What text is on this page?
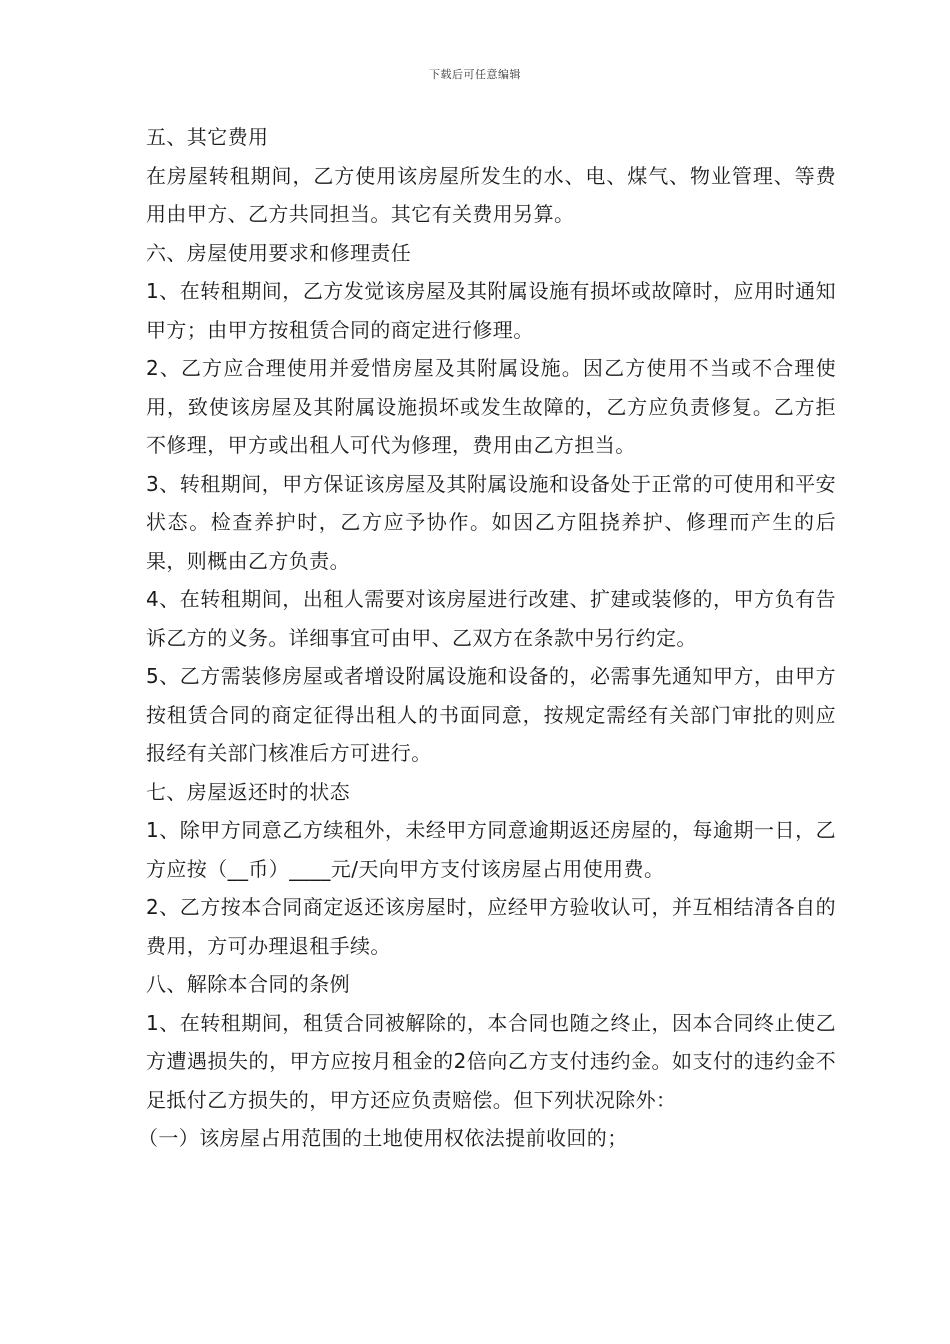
下载后可任意编辑

五、其它费用

在房屋转租期间，乙方使用该房屋所发生的水、电、煤气、物业管理、等费用由甲方、乙方共同担当。其它有关费用另算。

六、房屋使用要求和修理责任

1、在转租期间，乙方发觉该房屋及其附属设施有损坏或故障时，应用时通知甲方；由甲方按租赁合同的商定进行修理。

2、乙方应合理使用并爱惜房屋及其附属设施。因乙方使用不当或不合理使用，致使该房屋及其附属设施损坏或发生故障的，乙方应负责修复。乙方拒不修理，甲方或出租人可代为修理，费用由乙方担当。

3、转租期间，甲方保证该房屋及其附属设施和设备处于正常的可使用和平安状态。检查养护时，乙方应予协作。如因乙方阻挠养护、修理而产生的后果，则概由乙方负责。

4、在转租期间，出租人需要对该房屋进行改建、扩建或装修的，甲方负有告诉乙方的义务。详细事宜可由甲、乙双方在条款中另行约定。

5、乙方需装修房屋或者增设附属设施和设备的，必需事先通知甲方，由甲方按租赁合同的商定征得出租人的书面同意，按规定需经有关部门审批的则应报经有关部门核准后方可进行。

七、房屋返还时的状态

1、除甲方同意乙方续租外，未经甲方同意逾期返还房屋的，每逾期一日，乙方应按（__币）____元/天向甲方支付该房屋占用使用费。

2、乙方按本合同商定返还该房屋时，应经甲方验收认可，并互相结清各自的费用，方可办理退租手续。

八、解除本合同的条例

1、在转租期间，租赁合同被解除的，本合同也随之终止，因本合同终止使乙方遭遇损失的，甲方应按月租金的2倍向乙方支付违约金。如支付的违约金不足抵付乙方损失的，甲方还应负责赔偿。但下列状况除外：

（一）该房屋占用范围的土地使用权依法提前收回的；
